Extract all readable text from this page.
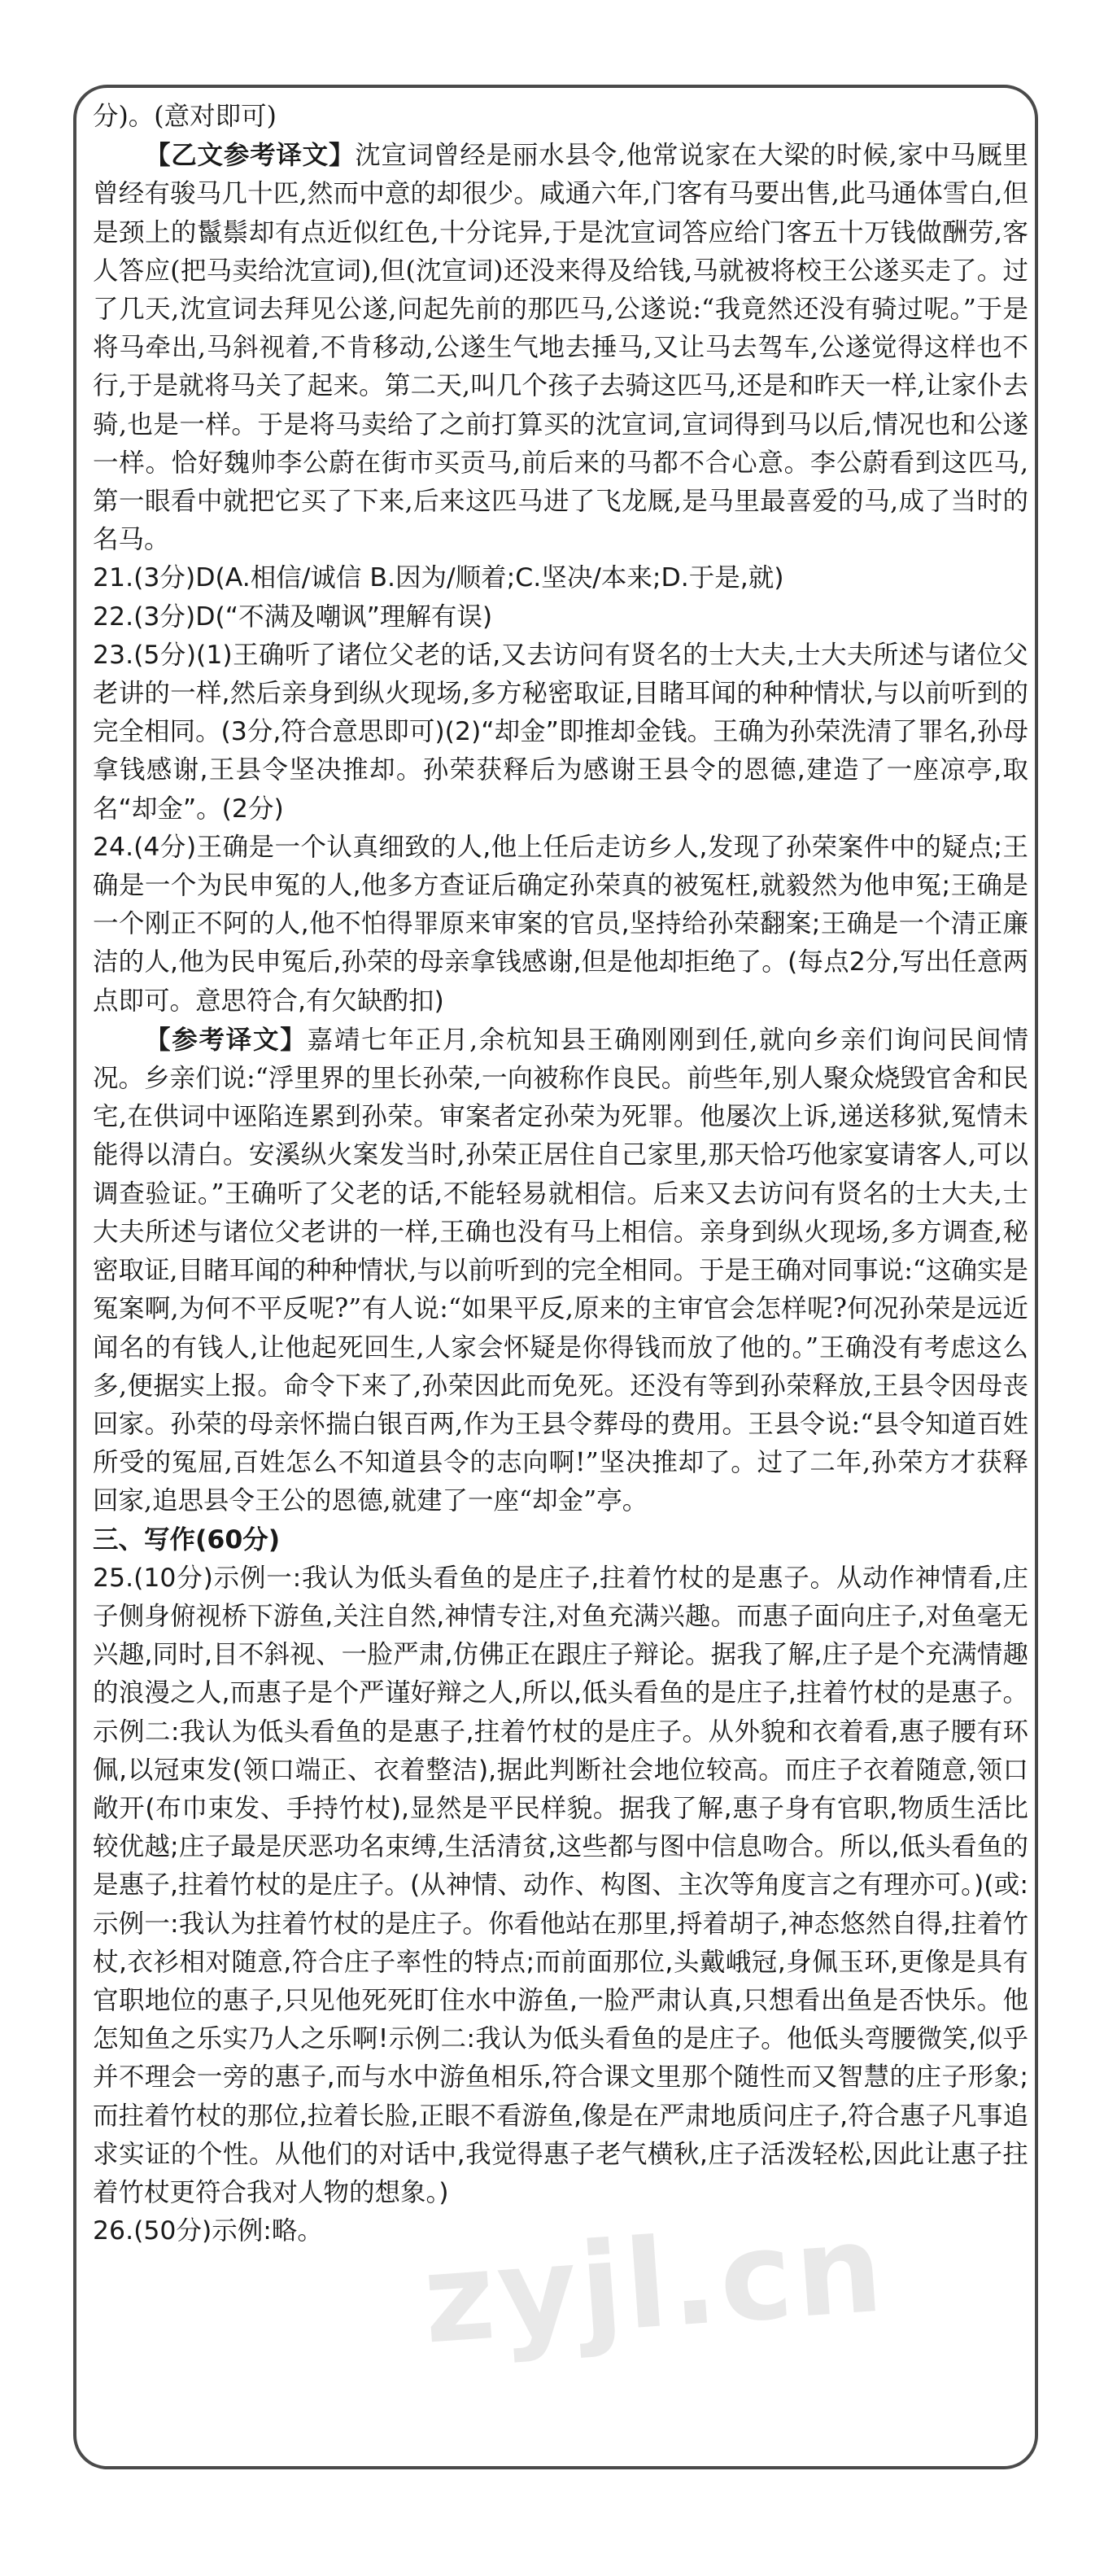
分)。(意对即可)

【乙文参考译文】沈宣词曾经是丽水县令,他常说家在大梁的时候,家中马厩里曾经有骏马几十匹,然而中意的却很少。咸通六年,门客有马要出售,此马通体雪白,但是颈上的鬣鬃却有点近似红色,十分诧异,于是沈宣词答应给门客五十万钱做酬劳,客人答应(把马卖给沈宣词),但(沈宣词)还没来得及给钱,马就被将校王公遂买走了。过了几天,沈宣词去拜见公遂,问起先前的那匹马,公遂说:“我竟然还没有骑过呢。”于是将马牵出,马斜视着,不肯移动,公遂生气地去捶马,又让马去驾车,公遂觉得这样也不行,于是就将马关了起来。第二天,叫几个孩子去骑这匹马,还是和昨天一样,让家仆去骑,也是一样。于是将马卖给了之前打算买的沈宣词,宣词得到马以后,情况也和公遂一样。恰好魏帅李公蔚在街市买贡马,前后来的马都不合心意。李公蔚看到这匹马,第一眼看中就把它买了下来,后来这匹马进了飞龙厩,是马里最喜爱的马,成了当时的名马。

21.(3分)D(A.相信/诚信 B.因为/顺着;C.坚决/本来;D.于是,就)

22.(3分)D(“不满及嘲讽”理解有误)

23.(5分)(1)王确听了诸位父老的话,又去访问有贤名的士大夫,士大夫所述与诸位父老讲的一样,然后亲身到纵火现场,多方秘密取证,目睹耳闻的种种情状,与以前听到的完全相同。(3分,符合意思即可)(2)“却金”即推却金钱。王确为孙荣洗清了罪名,孙母拿钱感谢,王县令坚决推却。孙荣获释后为感谢王县令的恩德,建造了一座凉亭,取名“却金”。(2分)

24.(4分)王确是一个认真细致的人,他上任后走访乡人,发现了孙荣案件中的疑点;王确是一个为民申冤的人,他多方查证后确定孙荣真的被冤枉,就毅然为他申冤;王确是一个刚正不阿的人,他不怕得罪原来审案的官员,坚持给孙荣翻案;王确是一个清正廉洁的人,他为民申冤后,孙荣的母亲拿钱感谢,但是他却拒绝了。(每点2分,写出任意两点即可。意思符合,有欠缺酌扣)

【参考译文】嘉靖七年正月,余杭知县王确刚刚到任,就向乡亲们询问民间情况。乡亲们说:“浮里界的里长孙荣,一向被称作良民。前些年,别人聚众烧毁官舍和民宅,在供词中诬陷连累到孙荣。审案者定孙荣为死罪。他屡次上诉,递送移狱,冤情未能得以清白。安溪纵火案发当时,孙荣正居住自己家里,那天恰巧他家宴请客人,可以调查验证。”王确听了父老的话,不能轻易就相信。后来又去访问有贤名的士大夫,士大夫所述与诸位父老讲的一样,王确也没有马上相信。亲身到纵火现场,多方调查,秘密取证,目睹耳闻的种种情状,与以前听到的完全相同。于是王确对同事说:“这确实是冤案啊,为何不平反呢?”有人说:“如果平反,原来的主审官会怎样呢?何况孙荣是远近闻名的有钱人,让他起死回生,人家会怀疑是你得钱而放了他的。”王确没有考虑这么多,便据实上报。命令下来了,孙荣因此而免死。还没有等到孙荣释放,王县令因母丧回家。孙荣的母亲怀揣白银百两,作为王县令葬母的费用。王县令说:“县令知道百姓所受的冤屈,百姓怎么不知道县令的志向啊!”坚决推却了。过了二年,孙荣方才获释回家,追思县令王公的恩德,就建了一座“却金”亭。

三、写作(60分)

25.(10分)示例一:我认为低头看鱼的是庄子,拄着竹杖的是惠子。从动作神情看,庄子侧身俯视桥下游鱼,关注自然,神情专注,对鱼充满兴趣。而惠子面向庄子,对鱼毫无兴趣,同时,目不斜视、一脸严肃,仿佛正在跟庄子辩论。据我了解,庄子是个充满情趣的浪漫之人,而惠子是个严谨好辩之人,所以,低头看鱼的是庄子,拄着竹杖的是惠子。示例二:我认为低头看鱼的是惠子,拄着竹杖的是庄子。从外貌和衣着看,惠子腰有环佩,以冠束发(领口端正、衣着整洁),据此判断社会地位较高。而庄子衣着随意,领口敞开(布巾束发、手持竹杖),显然是平民样貌。据我了解,惠子身有官职,物质生活比较优越;庄子最是厌恶功名束缚,生活清贫,这些都与图中信息吻合。所以,低头看鱼的是惠子,拄着竹杖的是庄子。(从神情、动作、构图、主次等角度言之有理亦可。)(或:示例一:我认为拄着竹杖的是庄子。你看他站在那里,捋着胡子,神态悠然自得,拄着竹杖,衣衫相对随意,符合庄子率性的特点;而前面那位,头戴峨冠,身佩玉环,更像是具有官职地位的惠子,只见他死死盯住水中游鱼,一脸严肃认真,只想看出鱼是否快乐。他怎知鱼之乐实乃人之乐啊!示例二:我认为低头看鱼的是庄子。他低头弯腰微笑,似乎并不理会一旁的惠子,而与水中游鱼相乐,符合课文里那个随性而又智慧的庄子形象;而拄着竹杖的那位,拉着长脸,正眼不看游鱼,像是在严肃地质问庄子,符合惠子凡事追求实证的个性。从他们的对话中,我觉得惠子老气横秋,庄子活泼轻松,因此让惠子拄着竹杖更符合我对人物的想象。)

26.(50分)示例:略。 zyjl.cn
